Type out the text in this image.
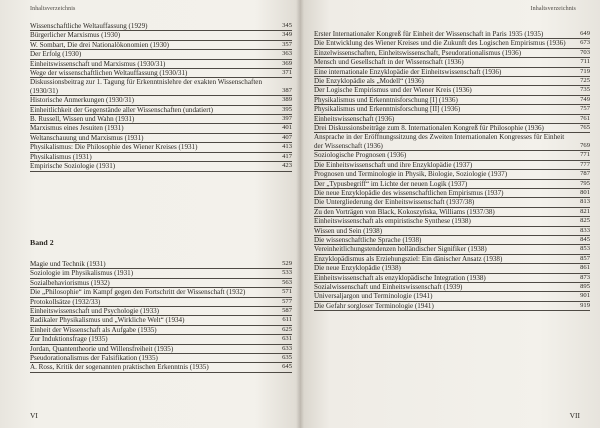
Inhaltsverzeichnis
Wissenschaftliche Weltauffassung (1929)	345
Bürgerlicher Marxismus (1930)	349
W. Sombart, Die drei Nationalökonomien (1930)	357
Der Erfolg (1930)	363
Einheitswissenschaft und Marxismus (1930/31)	369
Wege der wissenschaftlichen Weltauffassung (1930/31)	371
Diskussionsbeitrag zur 1. Tagung für Erkenntnislehre der exakten Wissenschaften (1930/31)	387
Historische Anmerkungen (1930/31)	389
Einheitlichkeit der Gegenstände aller Wissenschaften (undatiert)	395
B. Russell, Wissen und Wahn (1931)	397
Marxismus eines Jesuiten (1931)	401
Weltanschauung und Marxismus (1931)	407
Physikalismus: Die Philosophie des Wiener Kreises (1931)	413
Physikalismus (1931)	417
Empirische Soziologie (1931)	423
Band 2
Magie und Technik (1931)	529
Soziologie im Physikalismus (1931)	533
Sozialbehaviorismus (1932)	563
Die „Philosophie“ im Kampf gegen den Fortschritt der Wissenschaft (1932)	571
Protokollsätze (1932/33)	577
Einheitswissenschaft und Psychologie (1933)	587
Radikaler Physikalismus und „Wirkliche Welt“ (1934)	611
Einheit der Wissenschaft als Aufgabe (1935)	625
Zur Induktionsfrage (1935)	631
Jordan, Quantentheorie und Willensfreiheit (1935)	633
Pseudorationalismus der Falsifikation (1935)	635
A. Ross, Kritik der sogenannten praktischen Erkenntnis (1935)	645
VI
Inhaltsverzeichnis
Erster Internationaler Kongreß für Einheit der Wissenschaft in Paris 1935 (1935)	649
Die Entwicklung des Wiener Kreises und die Zukunft des Logischen Empirismus (1936)	673
Einzelwissenschaften, Einheitswissenschaft, Pseudorationalismus (1936)	703
Mensch und Gesellschaft in der Wissenschaft (1936)	711
Eine internationale Enzyklopädie der Einheitswissenschaft (1936)	719
Die Enzyklopädie als „Modell“ (1936)	725
Der Logische Empirismus und der Wiener Kreis (1936)	735
Physikalismus und Erkenntnisforschung [I] (1936)	749
Physikalismus und Erkenntnisforschung [II] (1936)	757
Einheitswissenschaft (1936)	761
Drei Diskussionsbeiträge zum 8. Internationalen Kongreß für Philosophie (1936)	765
Ansprache in der Eröffnungssitzung des Zweiten Internationalen Kongresses für Einheit der Wissenschaft (1936)	769
Soziologische Prognosen (1936)	771
Die Einheitswissenschaft und ihre Enzyklopädie (1937)	777
Prognosen und Terminologie in Physik, Biologie, Soziologie (1937)	787
Der „Typusbegriff“ im Lichte der neuen Logik (1937)	795
Die neue Enzyklopädie des wissenschaftlichen Empirismus (1937)	801
Die Untergliederung der Einheitswissenschaft (1937/38)	813
Zu den Vorträgen von Black, Kokoszyńska, Williams (1937/38)	821
Einheitswissenschaft als empiristische Synthese (1938)	825
Wissen und Sein (1938)	833
Die wissenschaftliche Sprache (1938)	845
Vereinheitlichungstendenzen holländischer Signifiker (1938)	853
Enzyklopädismus als Erziehungsziel: Ein dänischer Ansatz (1938)	857
Die neue Enzyklopädie (1938)	861
Einheitswissenschaft als enzyklopädische Integration (1938)	873
Sozialwissenschaft und Einheitswissenschaft (1939)	895
Universaljargon und Terminologie (1941)	901
Die Gefahr sorgloser Terminologie (1941)	919
VII
